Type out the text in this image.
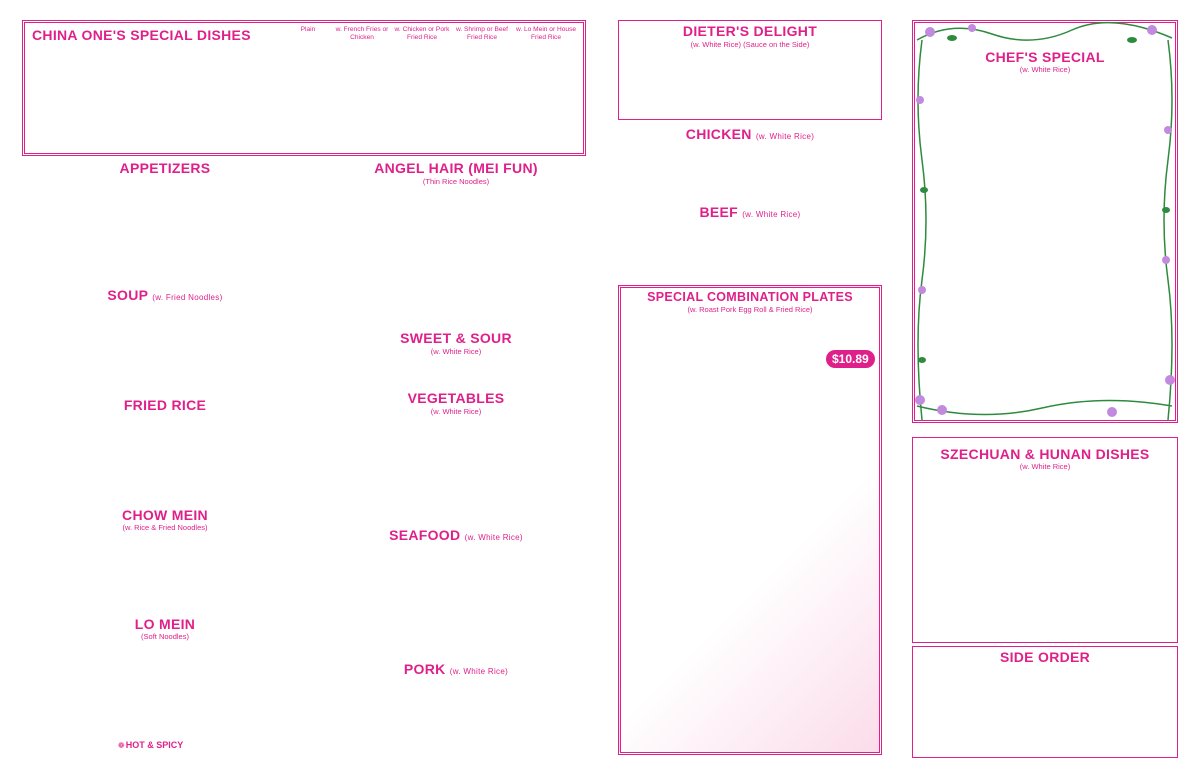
CHINA ONE'S SPECIAL DISHES	Plain	w. French Fries or Chicken
w. Chicken or Pork Fried Rice
w. Shrimp or Beef Fried Rice
w. Lo Mein or House Fried Rice
APPETIZERS
SOUP (w. Fried Noodles)
FRIED RICE
CHOW MEIN
(w. Rice & Fried Noodles)
LO MEIN
(Soft Noodles)
❁HOT & SPICY
ANGEL HAIR (MEI FUN)
(Thin Rice Noodles)
SWEET & SOUR
(w. White Rice)
VEGETABLES
(w. White Rice)
SEAFOOD (w. White Rice)
PORK (w. White Rice)
DIETER'S DELIGHT
(w. White Rice) (Sauce on the Side)
CHICKEN (w. White Rice)
BEEF (w. White Rice)
SPECIAL COMBINATION PLATES
(w. Roast Pork Egg Roll & Fried Rice)
$10.89
CHEF'S SPECIAL
(w. White Rice)
SZECHUAN & HUNAN DISHES
(w. White Rice)
SIDE ORDER
